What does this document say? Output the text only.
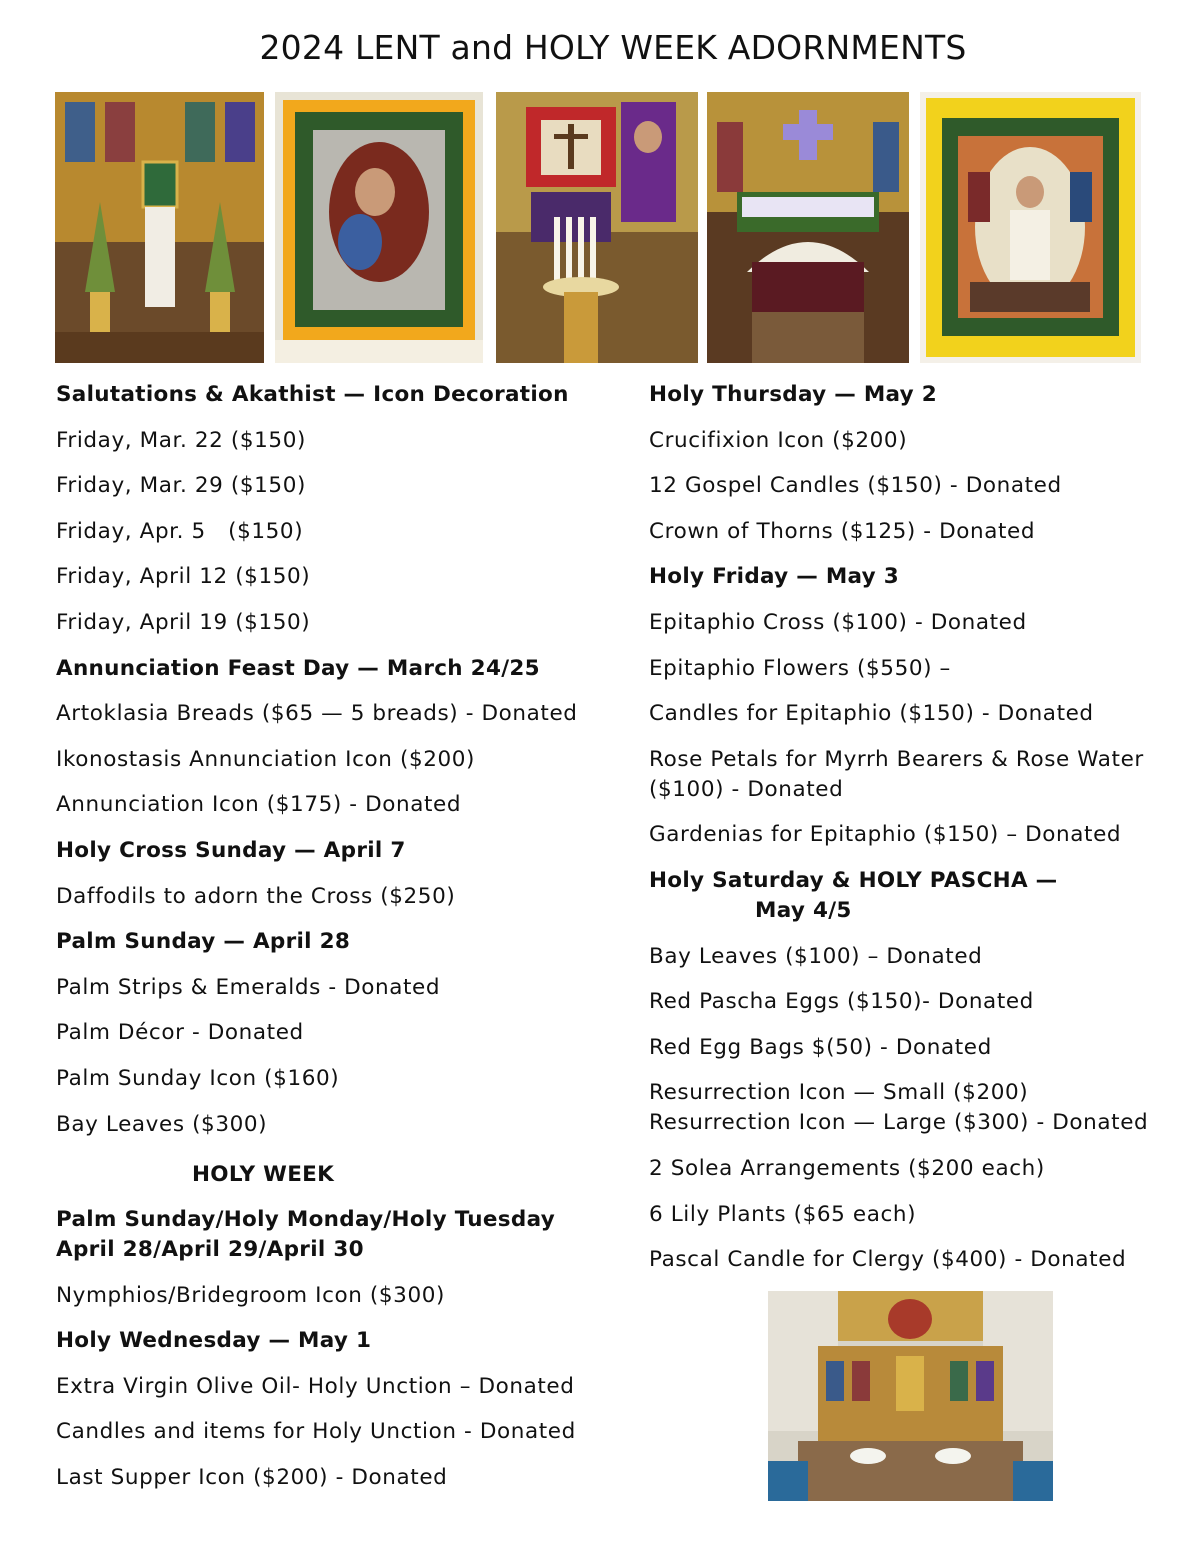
2024 LENT and HOLY WEEK ADORNMENTS
Salutations & Akathist — Icon Decoration
Friday, Mar. 22 ($150)
Friday, Mar. 29 ($150)
Friday, Apr. 5   ($150)
Friday, April 12 ($150)
Friday, April 19 ($150)
Annunciation Feast Day — March 24/25
Artoklasia Breads ($65 — 5 breads) - Donated
Ikonostasis Annunciation Icon ($200)
Annunciation Icon ($175) - Donated
Holy Cross Sunday — April 7
Daffodils to adorn the Cross ($250)
Palm Sunday — April 28
Palm Strips & Emeralds - Donated
Palm Décor - Donated
Palm Sunday Icon ($160)
Bay Leaves ($300)
HOLY WEEK
Palm Sunday/Holy Monday/Holy Tuesday
April 28/April 29/April 30
Nymphios/Bridegroom Icon ($300)
Holy Wednesday — May 1
Extra Virgin Olive Oil- Holy Unction – Donated
Candles and items for Holy Unction - Donated
Last Supper Icon ($200) - Donated
Holy Thursday — May 2
Crucifixion Icon ($200)
12 Gospel Candles ($150) - Donated
Crown of Thorns ($125) - Donated
Holy Friday — May 3
Epitaphio Cross ($100) - Donated
Epitaphio Flowers ($550) –
Candles for Epitaphio ($150) - Donated
Rose Petals for Myrrh Bearers & Rose Water
($100) - Donated
Gardenias for Epitaphio ($150) – Donated
Holy Saturday & HOLY PASCHA —
May 4/5
Bay Leaves ($100) – Donated
Red Pascha Eggs ($150)- Donated
Red Egg Bags $(50) - Donated
Resurrection Icon — Small ($200)
Resurrection Icon — Large ($300) - Donated
2 Solea Arrangements ($200 each)
6 Lily Plants ($65 each)
Pascal Candle for Clergy ($400) - Donated
